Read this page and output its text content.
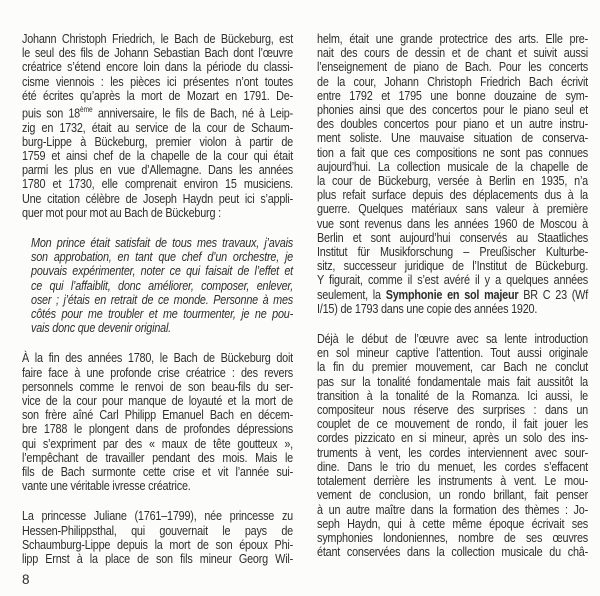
Johann Christoph Friedrich, le Bach de Bückeburg, est
le seul des fils de Johann Sebastian Bach dont l’œuvre
créatrice s’étend encore loin dans la période du classi-
cisme viennois : les pièces ici présentes n’ont toutes
été écrites qu’après la mort de Mozart en 1791. De-
puis son 18ème anniversaire, le fils de Bach, né à Leip-
zig en 1732, était au service de la cour de Schaum-
burg-Lippe à Bückeburg, premier violon à partir de
1759 et ainsi chef de la chapelle de la cour qui était
parmi les plus en vue d’Allemagne. Dans les années
1780 et 1730, elle comprenait environ 15 musiciens.
Une citation célèbre de Joseph Haydn peut ici s’appli-
quer mot pour mot au Bach de Bückeburg :
Mon prince était satisfait de tous mes travaux, j’avais
son approbation, en tant que chef d’un orchestre, je
pouvais expérimenter, noter ce qui faisait de l’effet et
ce qui l’affaiblit, donc améliorer, composer, enlever,
oser ; j’étais en retrait de ce monde. Personne à mes
côtés pour me troubler et me tourmenter, je ne pou-
vais donc que devenir original.
À la fin des années 1780, le Bach de Bückeburg doit
faire face à une profonde crise créatrice : des revers
personnels comme le renvoi de son beau-fils du ser-
vice de la cour pour manque de loyauté et la mort de
son frère aîné Carl Philipp Emanuel Bach en décem-
bre 1788 le plongent dans de profondes dépressions
qui s’expriment par des « maux de tête goutteux »,
l’empêchant de travailler pendant des mois. Mais le
fils de Bach surmonte cette crise et vit l’année sui-
vante une véritable ivresse créatrice.
La princesse Juliane (1761–1799), née princesse zu
Hessen-Philippsthal, qui gouvernait le pays de
Schaumburg-Lippe depuis la mort de son époux Phi-
lipp Ernst à la place de son fils mineur Georg Wil-
helm, était une grande protectrice des arts. Elle pre-
nait des cours de dessin et de chant et suivit aussi
l’enseignement de piano de Bach. Pour les concerts
de la cour, Johann Christoph Friedrich Bach écrivit
entre 1792 et 1795 une bonne douzaine de sym-
phonies ainsi que des concertos pour le piano seul et
des doubles concertos pour piano et un autre instru-
ment soliste. Une mauvaise situation de conserva-
tion a fait que ces compositions ne sont pas connues
aujourd’hui. La collection musicale de la chapelle de
la cour de Bückeburg, versée à Berlin en 1935, n’a
plus refait surface depuis des déplacements dus à la
guerre. Quelques matériaux sans valeur à première
vue sont revenus dans les années 1960 de Moscou à
Berlin et sont aujourd’hui conservés au Staatliches
Institut für Musikforschung – Preußischer Kulturbe-
sitz, successeur juridique de l’Institut de Bückeburg.
Y figurait, comme il s’est avéré il y a quelques années
seulement, la Symphonie en sol majeur BR C 23 (Wf
I/15) de 1793 dans une copie des années 1920.
Déjà le début de l’œuvre avec sa lente introduction
en sol mineur captive l’attention. Tout aussi originale
la fin du premier mouvement, car Bach ne conclut
pas sur la tonalité fondamentale mais fait aussitôt la
transition à la tonalité de la Romanza. Ici aussi, le
compositeur nous réserve des surprises : dans un
couplet de ce mouvement de rondo, il fait jouer les
cordes pizzicato en si mineur, après un solo des ins-
truments à vent, les cordes interviennent avec sour-
dine. Dans le trio du menuet, les cordes s’effacent
totalement derrière les instruments à vent. Le mou-
vement de conclusion, un rondo brillant, fait penser
à un autre maître dans la formation des thèmes : Jo-
seph Haydn, qui à cette même époque écrivait ses
symphonies londoniennes, nombre de ses œuvres
étant conservées dans la collection musicale du châ-
8
